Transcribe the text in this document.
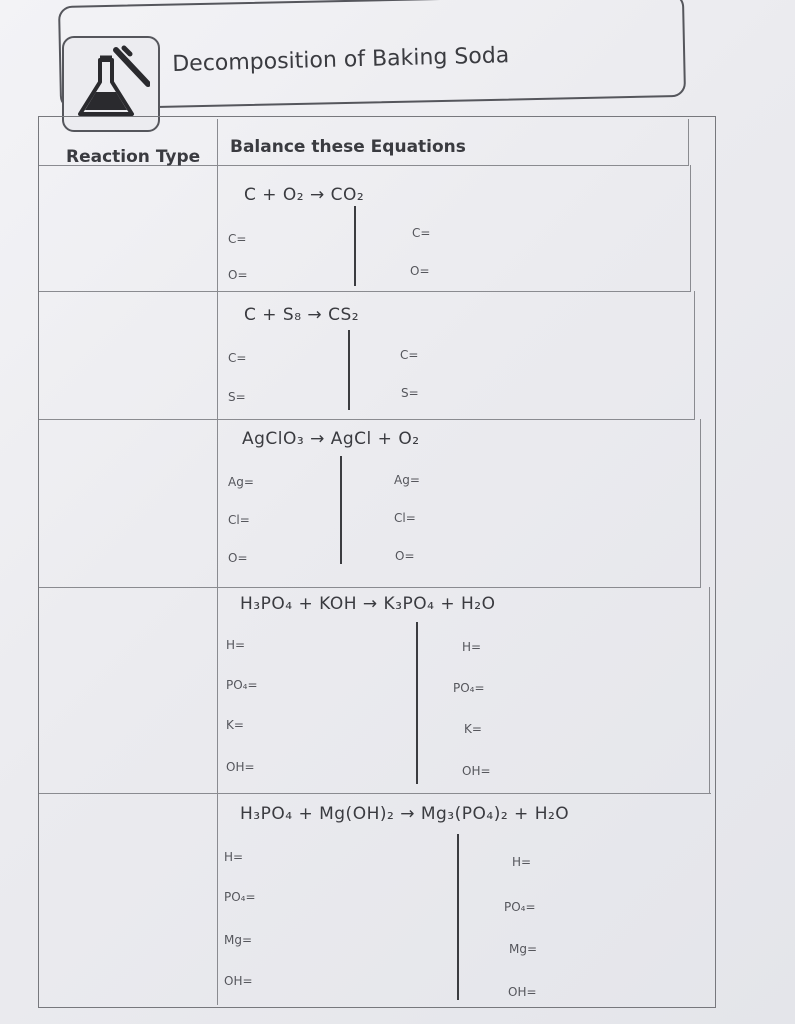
Decomposition of Baking Soda
Reaction Type Balance these Equations
C + O₂ → CO₂
C=
O=
C=
O=
C + S₈ → CS₂
C=
S=
C=
S=
AgClO₃ → AgCl + O₂
Ag=
Cl=
O=
Ag=
Cl=
O=
H₃PO₄ + KOH → K₃PO₄ + H₂O
H=
PO₄=
K=
OH=
H=
PO₄=
K=
OH=
H₃PO₄ + Mg(OH)₂ → Mg₃(PO₄)₂ + H₂O
H=
PO₄=
Mg=
OH=
H=
PO₄=
Mg=
OH=
